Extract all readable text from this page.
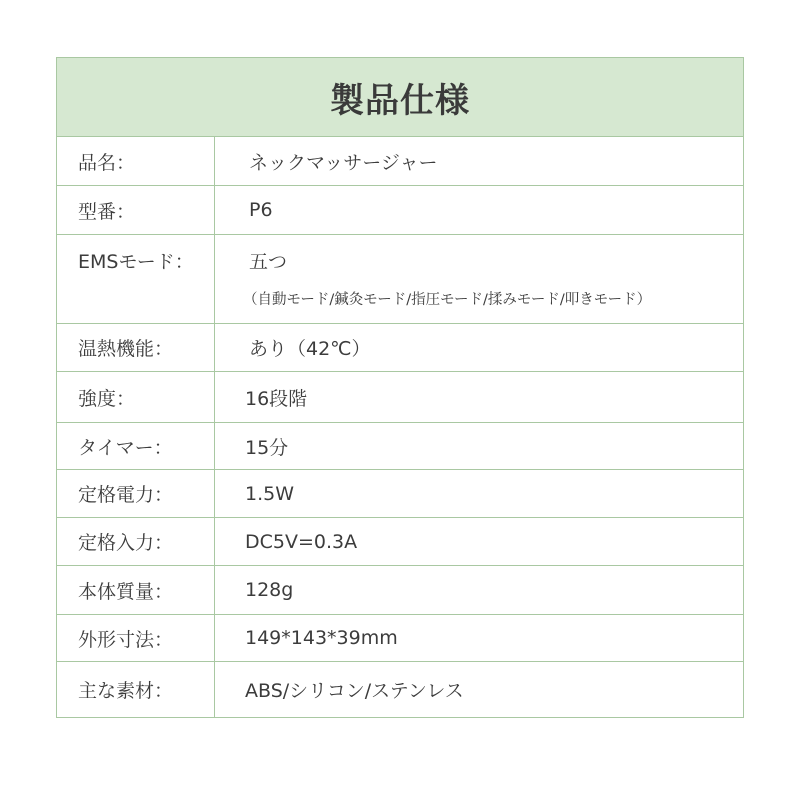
製品仕様
品名：	ネックマッサージャー
型番：	P6
EMSモード：	五つ
（自動モード/鍼灸モード/指圧モード/揉みモード/叩きモード）
温熱機能：	あり（42℃）
強度：	16段階
タイマー：	15分
定格電力：	1.5W
定格入力：	DC5V=0.3A
本体質量：	128g
外形寸法：	149*143*39mm
主な素材：	ABS/シリコン/ステンレス
